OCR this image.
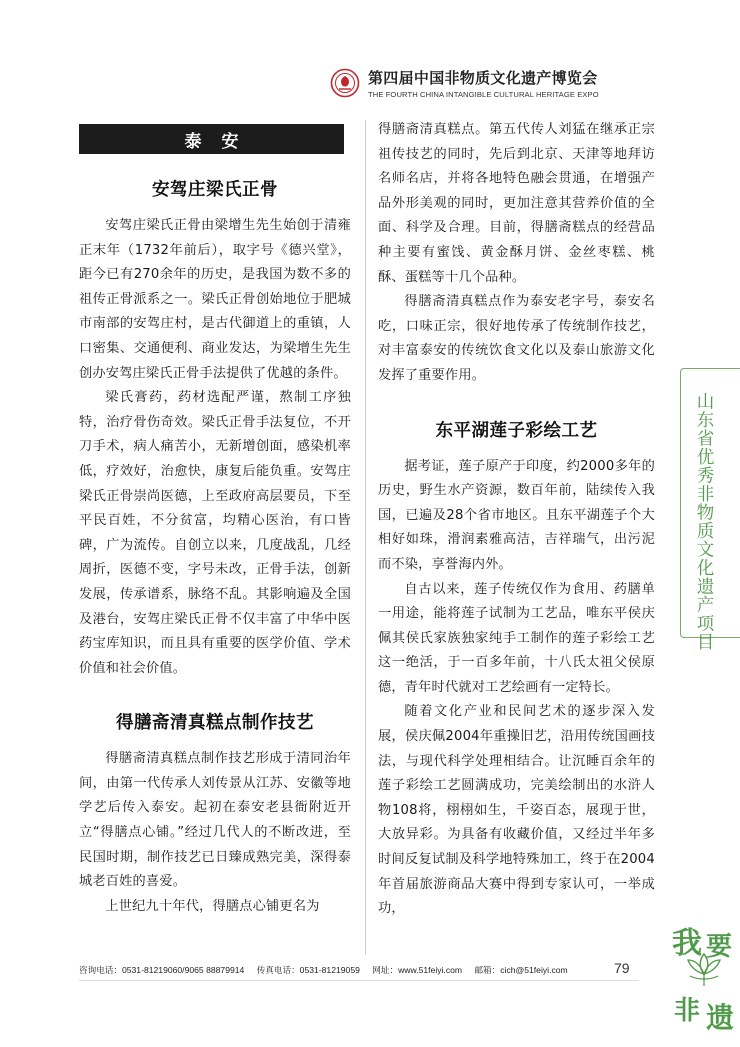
第四届中国非物质文化遗产博览会
THE FOURTH CHINA INTANGIBLE CULTURAL HERITAGE EXPO
泰安
安驾庄梁氏正骨

安驾庄梁氏正骨由梁增生先生始创于清雍正末年（1732年前后），取字号《德兴堂》，距今已有270余年的历史，是我国为数不多的祖传正骨派系之一。梁氏正骨创始地位于肥城市南部的安驾庄村，是古代御道上的重镇，人口密集、交通便利、商业发达，为梁增生先生创办安驾庄梁氏正骨手法提供了优越的条件。

梁氏膏药，药材选配严谨，熬制工序独特，治疗骨伤奇效。梁氏正骨手法复位，不开刀手术，病人痛苦小，无新增创面，感染机率低，疗效好，治愈快，康复后能负重。安驾庄梁氏正骨崇尚医德，上至政府高层要员，下至平民百姓，不分贫富，均精心医治，有口皆碑，广为流传。自创立以来，几度战乱，几经周折，医德不变，字号未改，正骨手法，创新发展，传承谱系，脉络不乱。其影响遍及全国及港台，安驾庄梁氏正骨不仅丰富了中华中医药宝库知识，而且具有重要的医学价值、学术价值和社会价值。

得膳斋清真糕点制作技艺

得膳斋清真糕点制作技艺形成于清同治年间，由第一代传承人刘传景从江苏、安徽等地学艺后传入泰安。起初在泰安老县衙附近开立“得膳点心铺。”经过几代人的不断改进，至民国时期，制作技艺已日臻成熟完美，深得泰城老百姓的喜爱。

上世纪九十年代，得膳点心铺更名为

得膳斋清真糕点。第五代传人刘猛在继承正宗祖传技艺的同时，先后到北京、天津等地拜访名师名店，并将各地特色融会贯通，在增强产品外形美观的同时，更加注意其营养价值的全面、科学及合理。目前，得膳斋糕点的经营品种主要有蜜饯、黄金酥月饼、金丝枣糕、桃酥、蛋糕等十几个品种。

得膳斋清真糕点作为泰安老字号，泰安名吃，口味正宗，很好地传承了传统制作技艺，对丰富泰安的传统饮食文化以及泰山旅游文化发挥了重要作用。

东平湖莲子彩绘工艺

据考证，莲子原产于印度，约2000多年的历史，野生水产资源，数百年前，陆续传入我国，已遍及28个省市地区。且东平湖莲子个大相好如珠，滑润素雅高洁，吉祥瑞气，出污泥而不染，享誉海内外。

自古以来，莲子传统仅作为食用、药膳单一用途，能将莲子试制为工艺品，唯东平侯庆佩其侯氏家族独家纯手工制作的莲子彩绘工艺这一绝活，于一百多年前，十八氏太祖父侯原德，青年时代就对工艺绘画有一定特长。

随着文化产业和民间艺术的逐步深入发展，侯庆佩2004年重操旧艺，沿用传统国画技法，与现代科学处理相结合。让沉睡百余年的莲子彩绘工艺圆满成功，完美绘制出的水浒人物108将，栩栩如生，千姿百态，展现于世，大放异彩。为具备有收藏价值，又经过半年多时间反复试制及科学地特殊加工，终于在2004年首届旅游商品大赛中得到专家认可，一举成功，

山东省优秀非物质文化遗产项目
咨询电话：0531-81219060/9065 88879914 传真电话：0531-81219059 网址：www.51feiyi.com 邮箱：cich@51feiyi.com	79
我 要
非 遗
